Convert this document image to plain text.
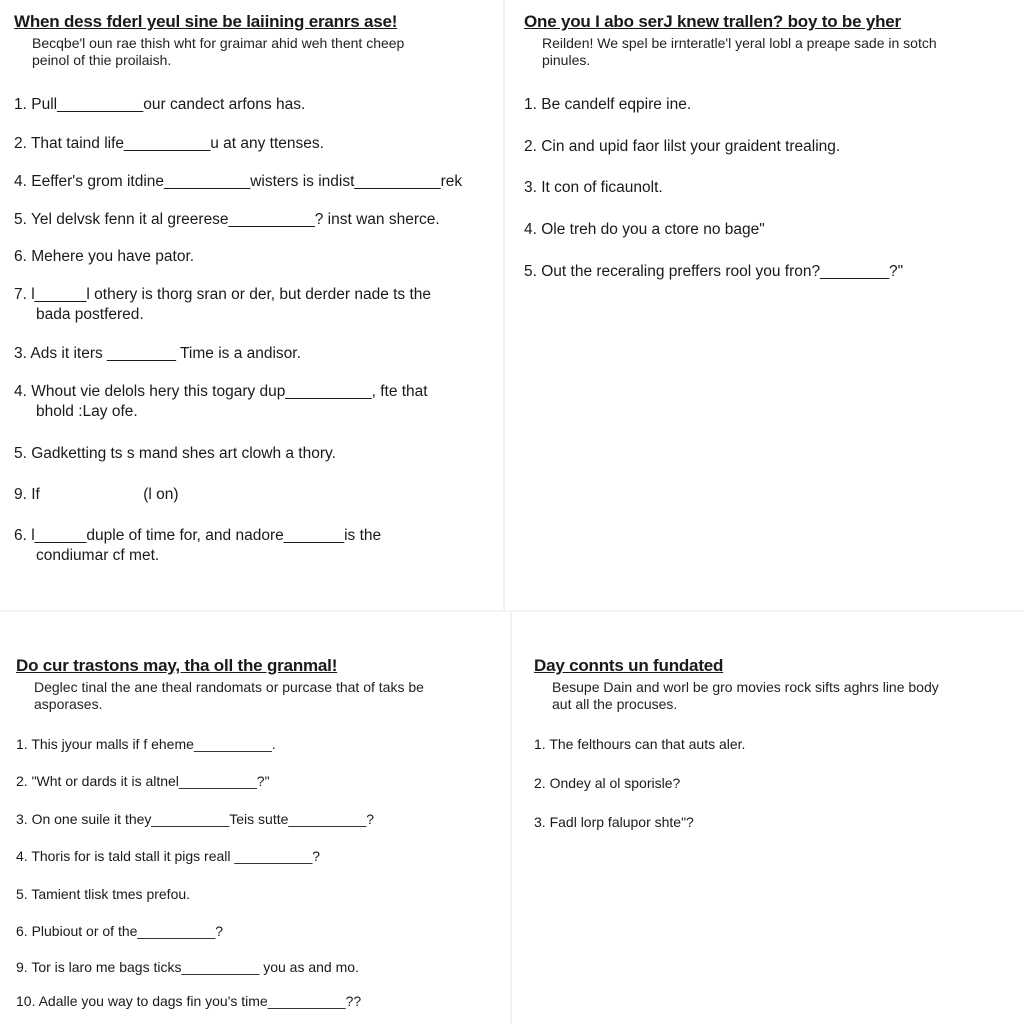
When dess fderl yeul sine be laiining eranrs ase!
Becqbe'l oun rae thish wht for graimar ahid weh thent cheep
peinol of thie proilaish.
1. Pull__________our candect arfons has.
2. That taind life__________u at any ttenses.
4. Eeffer's grom itdine__________wisters is indist__________rek
5. Yel delvsk fenn it al greerese__________? inst wan sherce.
6. Mehere you have pator.
7. l______l othery is thorg sran or der, but derder nade ts the
bada postfered.
3. Ads it iters ________ Time is a andisor.
4. Whout vie delols hery this togary dup__________, fte that
bhold :Lay ofe.
5. Gadketting ts s mand shes art clowh a thory.
9. If                        (l on)
6. l______duple of time for, and nadore_______is the
condiumar cf met.
One you I abo serJ knew trallen? boy to be yher
Reilden! We spel be irnteratle'l yeral lobl a preape sade in sotch
pinules.
1. Be candelf eqpire ine.
2. Cin and upid faor lilst your graident trealing.
3. It con of ficaunolt.
4. Ole treh do you a ctore no bage"
5. Out the receraling preffers rool you fron?________?"
Do cur trastons may, tha oll the granmal!
Deglec tinal the ane theal randomats or purcase that of taks be
asporases.
1. This jyour malls if f eheme__________.
2. "Wht or dards it is altnel__________?"
3. On one suile it they__________Teis sutte__________?
4. Thoris for is tald stall it pigs reall __________?
5. Tamient tlisk tmes prefou.
6. Plubiout or of the__________?
9. Tor is laro me bags ticks__________ you as and mo.
10. Adalle you way to dags fin you's time__________??
Day connts un fundated
Besupe Dain and worl be gro movies rock sifts aghrs line body
aut all the procuses.
1. The felthours can that auts aler.
2. Ondey al ol sporisle?
3. Fadl lorp falupor shte"?
